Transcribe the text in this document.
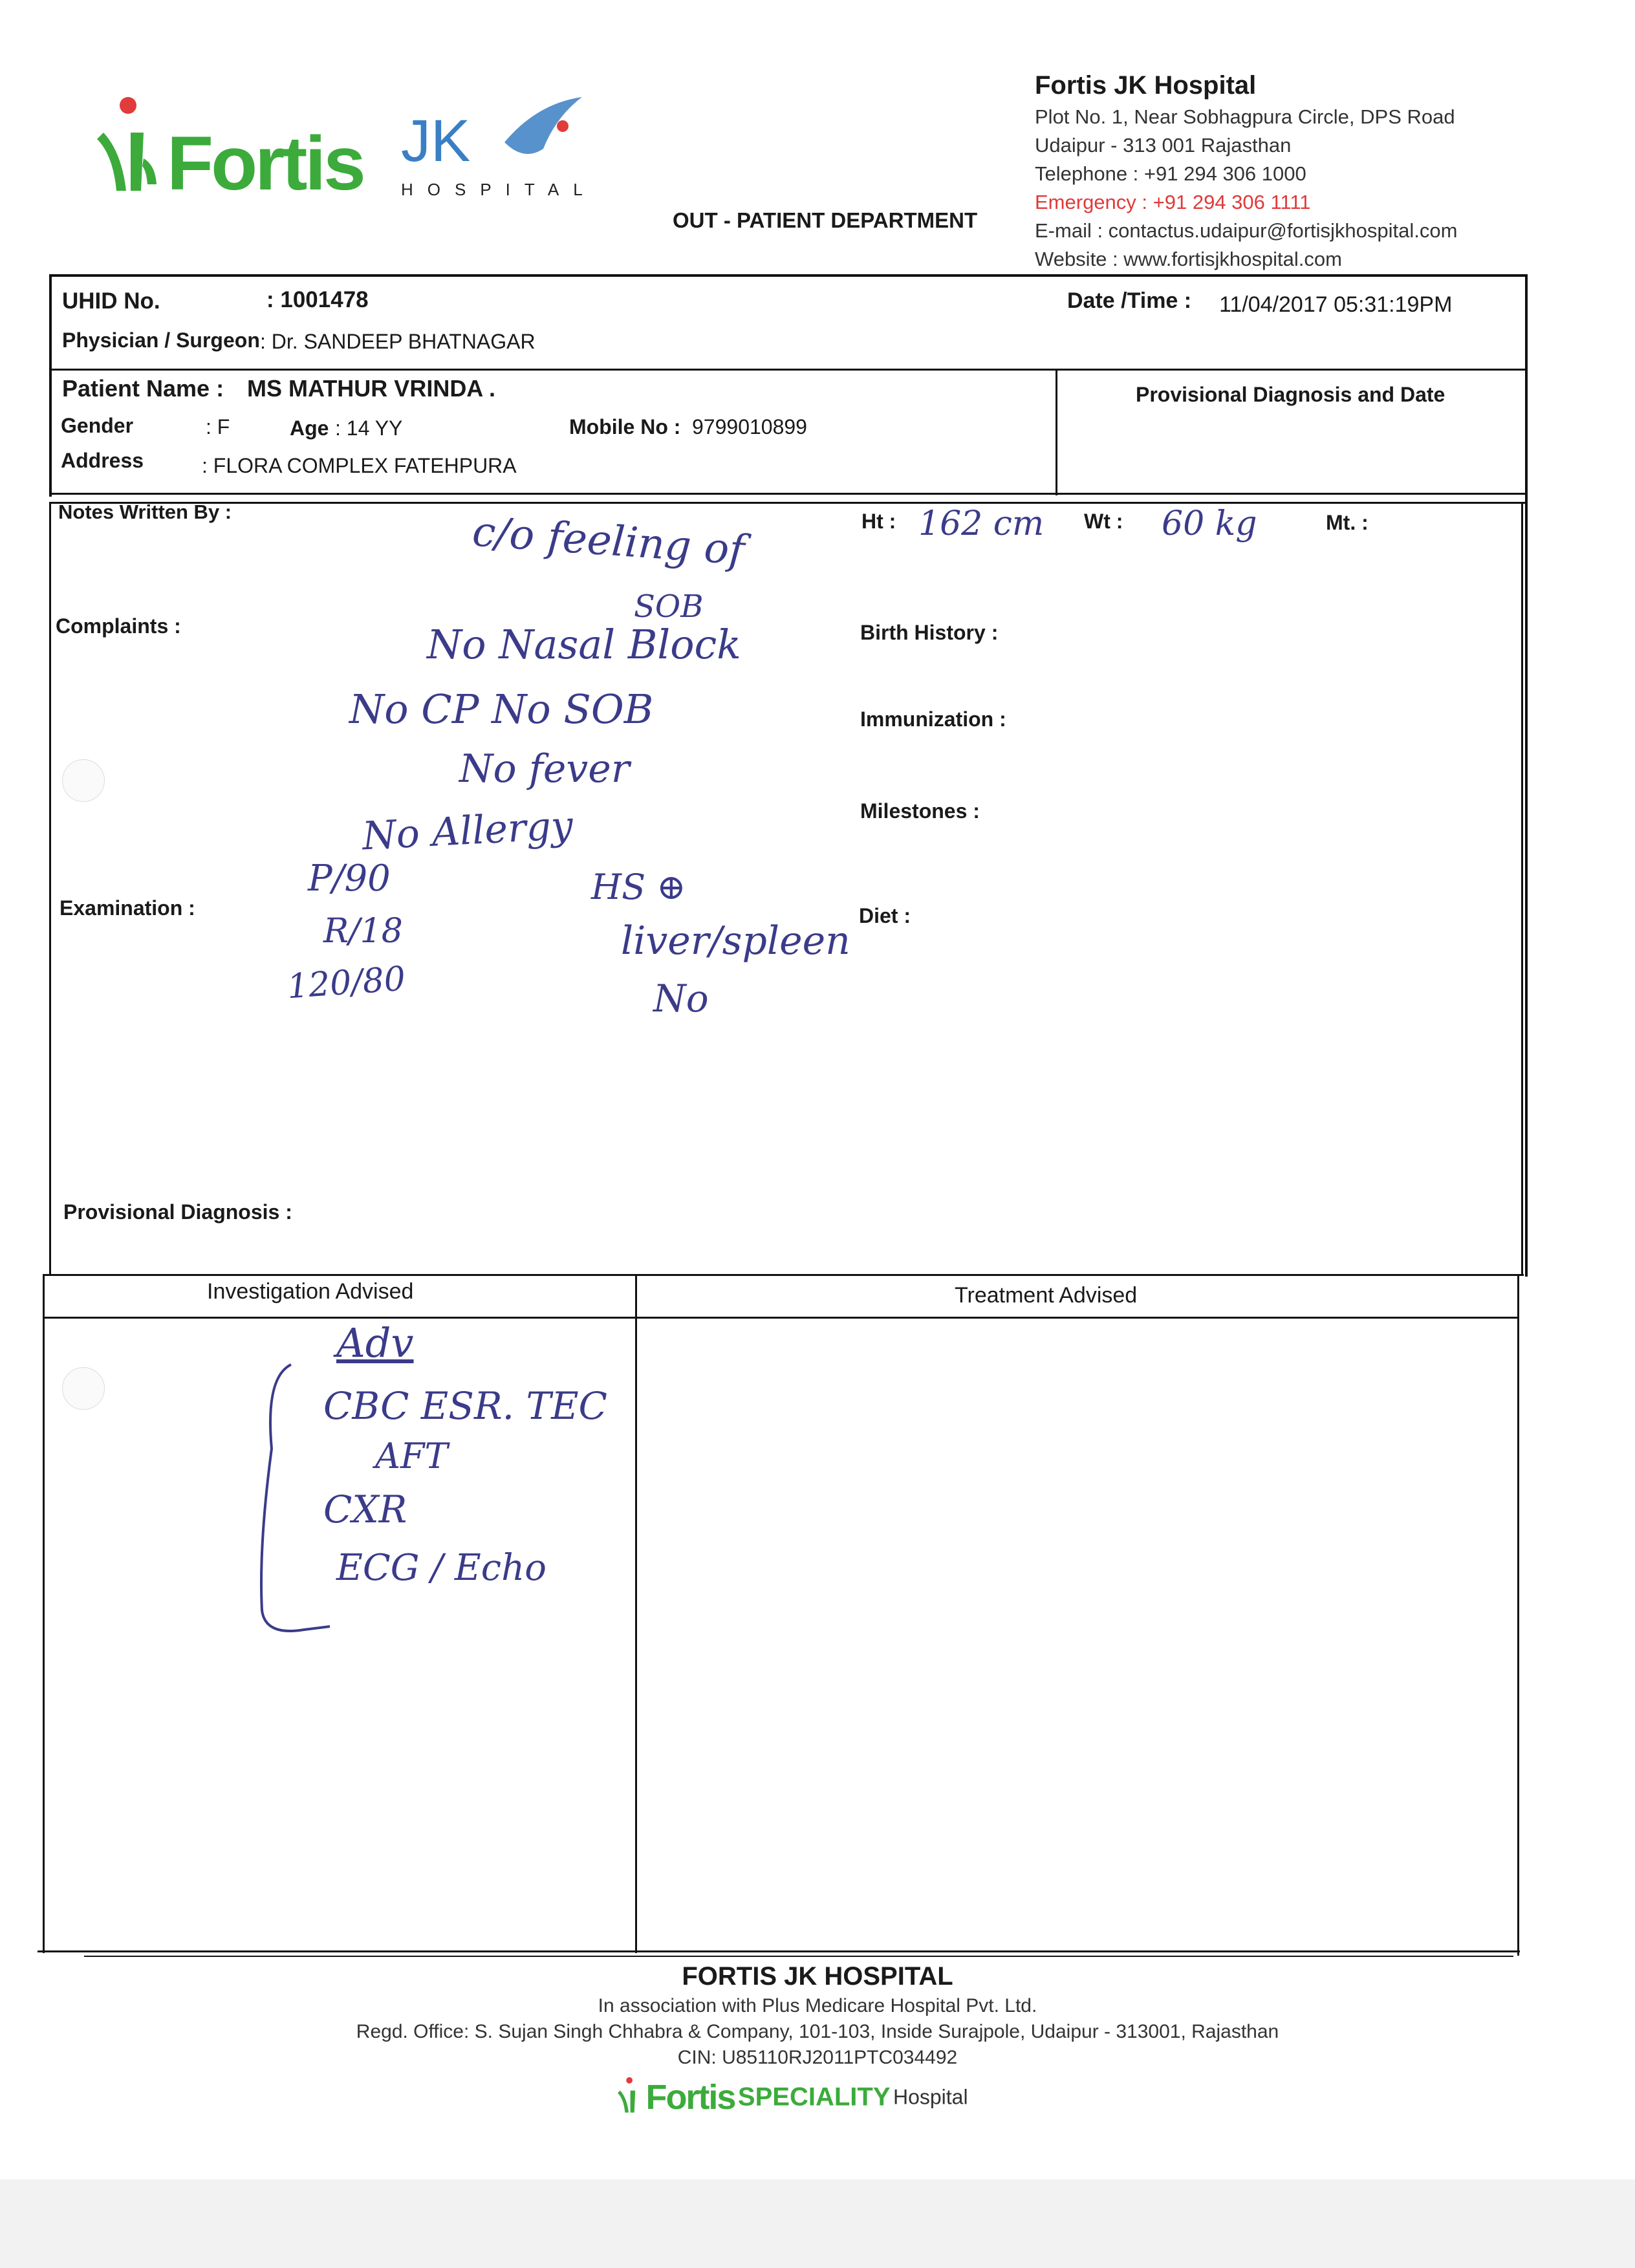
Fortis JK
HOSPITAL
OUT - PATIENT DEPARTMENT
Fortis JK Hospital
Plot No. 1, Near Sobhagpura Circle, DPS Road
Udaipur - 313 001 Rajasthan
Telephone : +91 294 306 1000
Emergency : +91 294 306 1111
E-mail : contactus.udaipur@fortisjkhospital.com
Website : www.fortisjkhospital.com
UHID No.	: 1001478	Date /Time : 11/04/2017 05:31:19PM
Physician / Surgeon : Dr. SANDEEP BHATNAGAR
Patient Name : MS MATHUR VRINDA .	Provisional Diagnosis and Date
Gender	: F	Age : 14 YY	Mobile No : 9799010899
Address	: FLORA COMPLEX FATEHPURA
Notes Written By :	Ht : 162 cm Wt : 60 kg	Mt. :
Complaints :	Birth History :
Immunization :
Milestones :
Examination :	Diet :
Provisional Diagnosis :
c/o feeling of
SOB
No Nasal Block
No CP No SOB
No fever
No Allergy
P/90
R/18
120/80
HS ⊕
liver/spleen
No
Investigation Advised	Treatment Advised
Adv
CBC ESR. TEC
AFT
CXR
ECG / Echo
FORTIS JK HOSPITAL
In association with Plus Medicare Hospital Pvt. Ltd.
Regd. Office: S. Sujan Singh Chhabra & Company, 101-103, Inside Surajpole, Udaipur - 313001, Rajasthan
CIN: U85110RJ2011PTC034492
Fortis SPECIALITY Hospital
